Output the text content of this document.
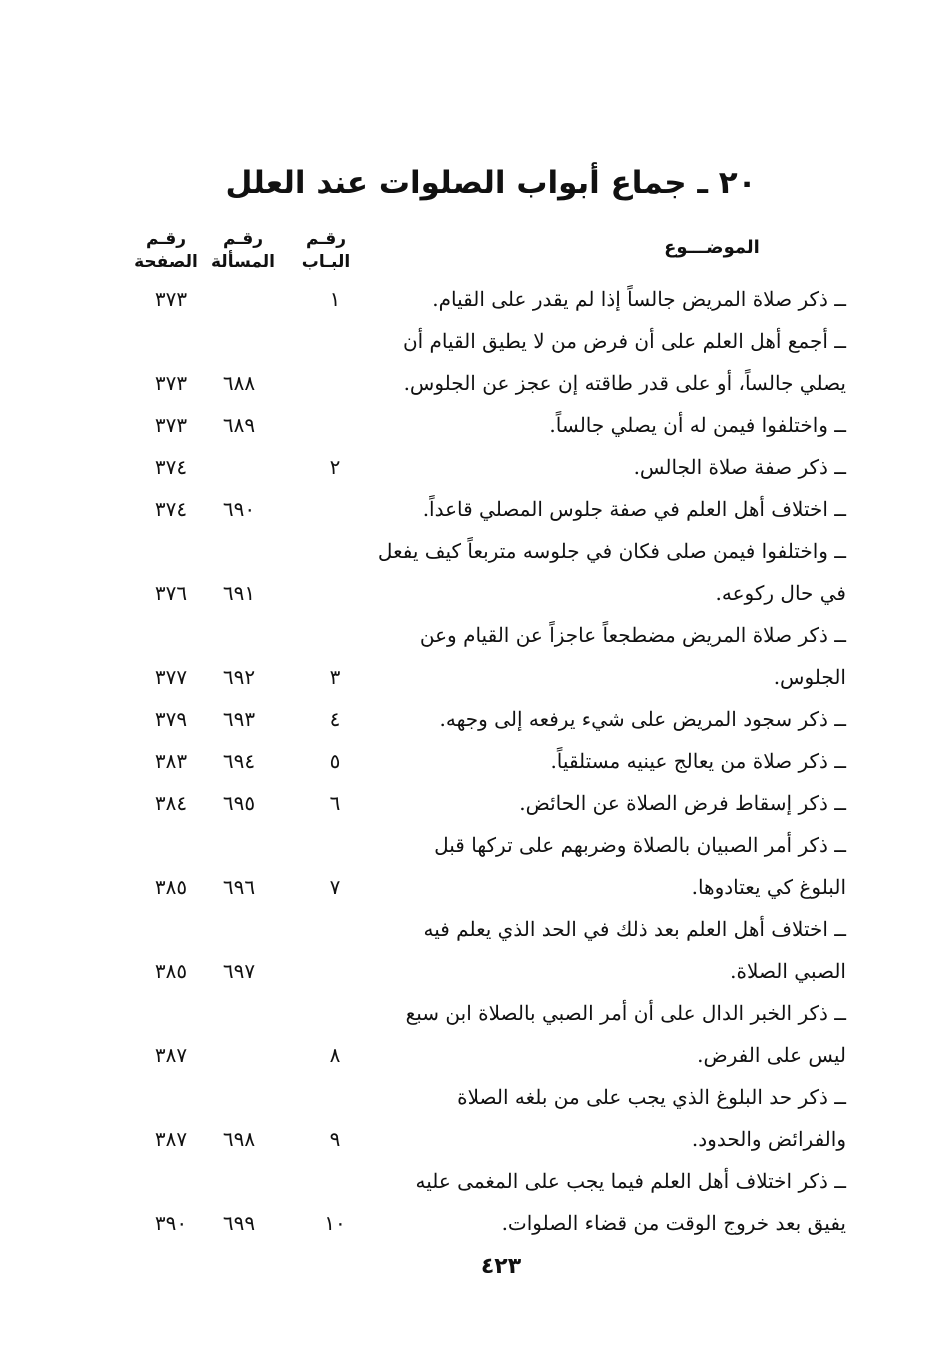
٢٠ ـ جماع أبواب الصلوات عند العلل
الموضـــوع
رقـم
البـاب
رقـم
المسألة
رقـم
الصفحة
ــ ذكر صلاة المريض جالساً إذا لم يقدر على القيام.
١
٣٧٣
ــ أجمع أهل العلم على أن فرض من لا يطيق القيام أن
يصلي جالساً، أو على قدر طاقته إن عجز عن الجلوس.
٦٨٨
٣٧٣
ــ واختلفوا فيمن له أن يصلي جالساً.
٦٨٩
٣٧٣
ــ ذكر صفة صلاة الجالس.
٢
٣٧٤
ــ اختلاف أهل العلم في صفة جلوس المصلي قاعداً.
٦٩٠
٣٧٤
ــ واختلفوا فيمن صلى فكان في جلوسه متربعاً كيف يفعل
في حال ركوعه.
٦٩١
٣٧٦
ــ ذكر صلاة المريض مضطجعاً عاجزاً عن القيام وعن
الجلوس.
٣
٦٩٢
٣٧٧
ــ ذكر سجود المريض على شيء يرفعه إلى وجهه.
٤
٦٩٣
٣٧٩
ــ ذكر صلاة من يعالج عينيه مستلقياً.
٥
٦٩٤
٣٨٣
ــ ذكر إسقاط فرض الصلاة عن الحائض.
٦
٦٩٥
٣٨٤
ــ ذكر أمر الصبيان بالصلاة وضربهم على تركها قبل
البلوغ كي يعتادوها.
٧
٦٩٦
٣٨٥
ــ اختلاف أهل العلم بعد ذلك في الحد الذي يعلم فيه
الصبي الصلاة.
٦٩٧
٣٨٥
ــ ذكر الخبر الدال على أن أمر الصبي بالصلاة ابن سبع
ليس على الفرض.
٨
٣٨٧
ــ ذكر حد البلوغ الذي يجب على من بلغه الصلاة
والفرائض والحدود.
٩
٦٩٨
٣٨٧
ــ ذكر اختلاف أهل العلم فيما يجب على المغمى عليه
يفيق بعد خروج الوقت من قضاء الصلوات.
١٠
٦٩٩
٣٩٠
٤٢٣
